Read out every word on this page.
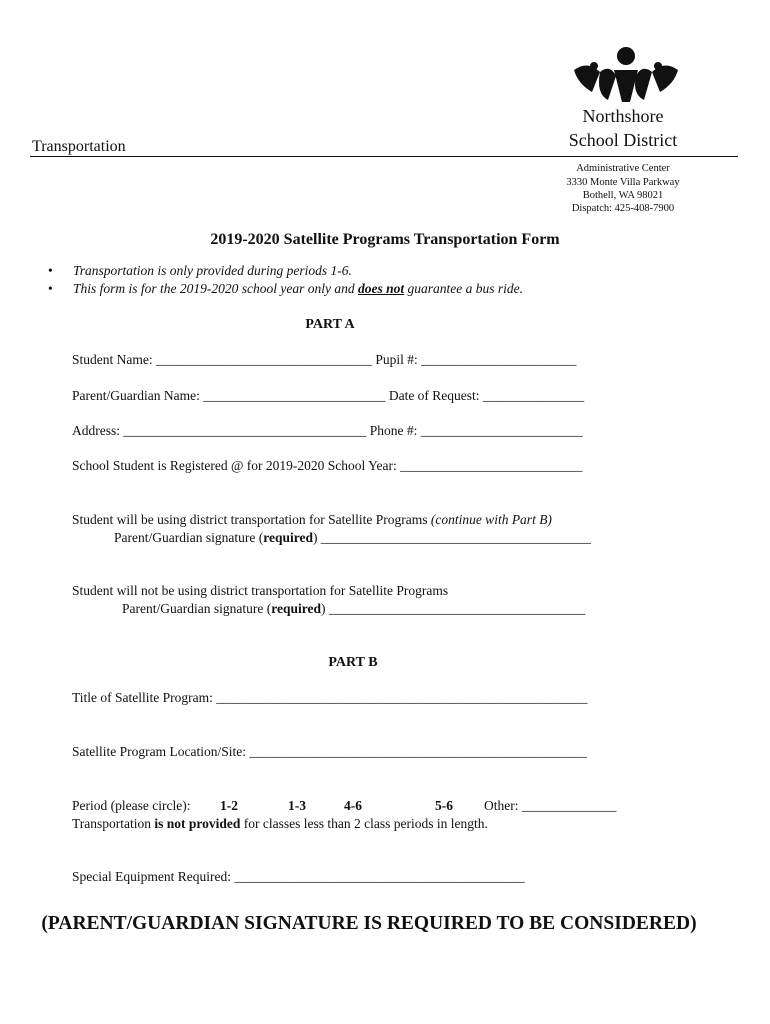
Northshore
School District
Transportation
Administrative Center
3330 Monte Villa Parkway
Bothell, WA 98021
Dispatch: 425-408-7900
2019-2020 Satellite Programs Transportation Form
• Transportation is only provided during periods 1-6.
• This form is for the 2019-2020 school year only and does not guarantee a bus ride.
PART A
Student Name: ________________________________ Pupil #: _______________________
Parent/Guardian Name: ___________________________ Date of Request: _______________
Address: ____________________________________ Phone #: ________________________
School Student is Registered @ for 2019-2020 School Year: ___________________________
Student will be using district transportation for Satellite Programs (continue with Part B)
Parent/Guardian signature (required) ________________________________________
Student will not be using district transportation for Satellite Programs
Parent/Guardian signature (required) ______________________________________
PART B
Title of Satellite Program: _______________________________________________________
Satellite Program Location/Site: __________________________________________________
Period (please circle): 1-2	1-3	4-6	5-6 Other: ______________
Transportation is not provided for classes less than 2 class periods in length.
Special Equipment Required: ___________________________________________
(PARENT/GUARDIAN SIGNATURE IS REQUIRED TO BE CONSIDERED)
